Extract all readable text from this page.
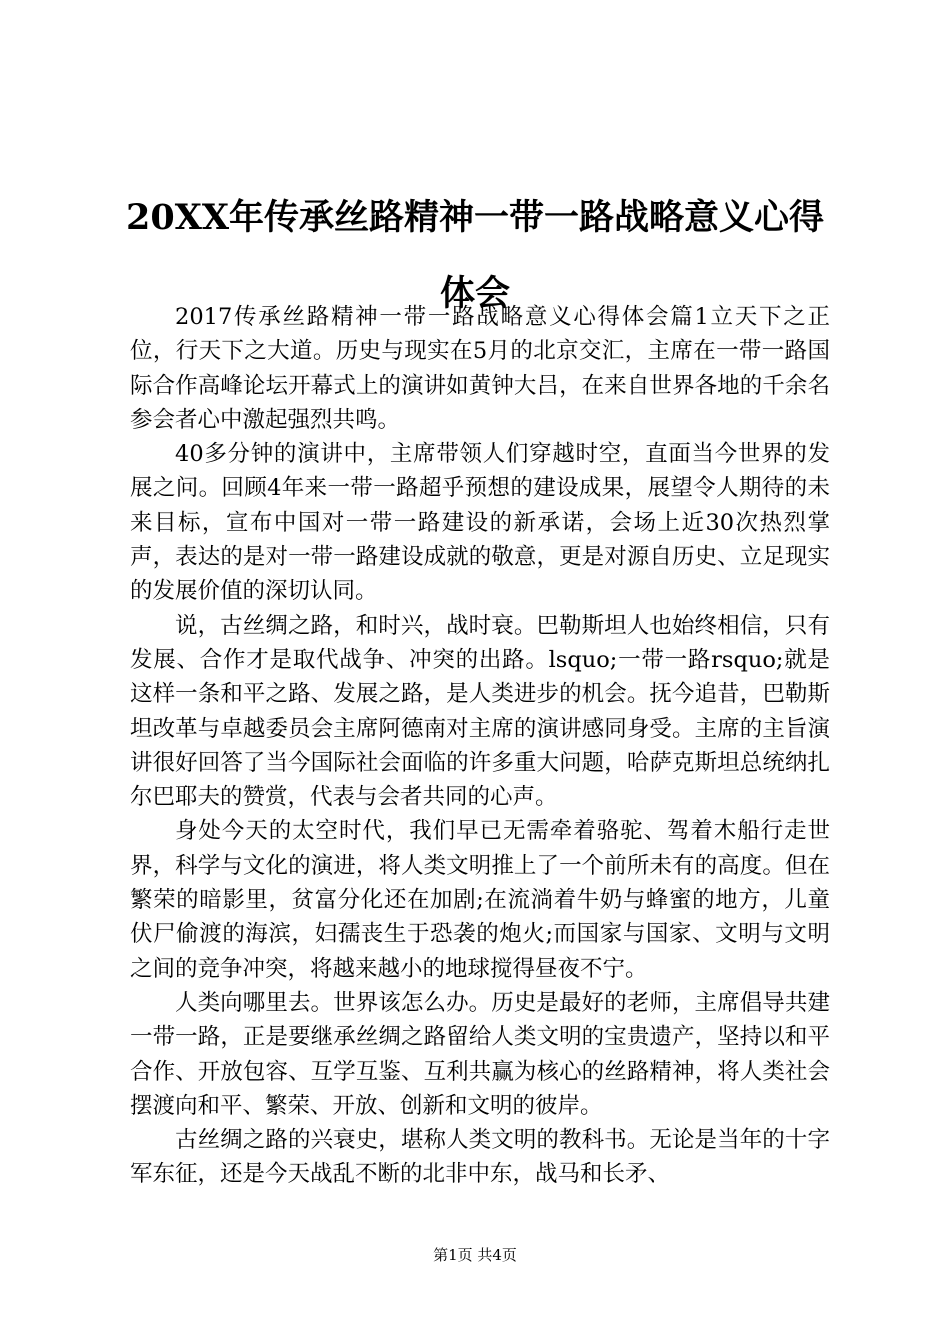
20XX年传承丝路精神一带一路战略意义心得
体会

2017传承丝路精神一带一路战略意义心得体会篇1立天下之正位，行天下之大道。历史与现实在5月的北京交汇，主席在一带一路国际合作高峰论坛开幕式上的演讲如黄钟大吕，在来自世界各地的千余名参会者心中激起强烈共鸣。

40多分钟的演讲中，主席带领人们穿越时空，直面当今世界的发展之问。回顾4年来一带一路超乎预想的建设成果，展望令人期待的未来目标，宣布中国对一带一路建设的新承诺，会场上近30次热烈掌声，表达的是对一带一路建设成就的敬意，更是对源自历史、立足现实的发展价值的深切认同。

说，古丝绸之路，和时兴，战时衰。巴勒斯坦人也始终相信，只有发展、合作才是取代战争、冲突的出路。lsquo;一带一路rsquo;就是这样一条和平之路、发展之路，是人类进步的机会。抚今追昔，巴勒斯坦改革与卓越委员会主席阿德南对主席的演讲感同身受。主席的主旨演讲很好回答了当今国际社会面临的许多重大问题，哈萨克斯坦总统纳扎尔巴耶夫的赞赏，代表与会者共同的心声。

身处今天的太空时代，我们早已无需牵着骆驼、驾着木船行走世界，科学与文化的演进，将人类文明推上了一个前所未有的高度。但在繁荣的暗影里，贫富分化还在加剧;在流淌着牛奶与蜂蜜的地方，儿童伏尸偷渡的海滨，妇孺丧生于恐袭的炮火;而国家与国家、文明与文明之间的竞争冲突，将越来越小的地球搅得昼夜不宁。

人类向哪里去。世界该怎么办。历史是最好的老师，主席倡导共建一带一路，正是要继承丝绸之路留给人类文明的宝贵遗产，坚持以和平合作、开放包容、互学互鉴、互利共赢为核心的丝路精神，将人类社会摆渡向和平、繁荣、开放、创新和文明的彼岸。

古丝绸之路的兴衰史，堪称人类文明的教科书。无论是当年的十字军东征，还是今天战乱不断的北非中东，战马和长矛、

第1页 共4页
